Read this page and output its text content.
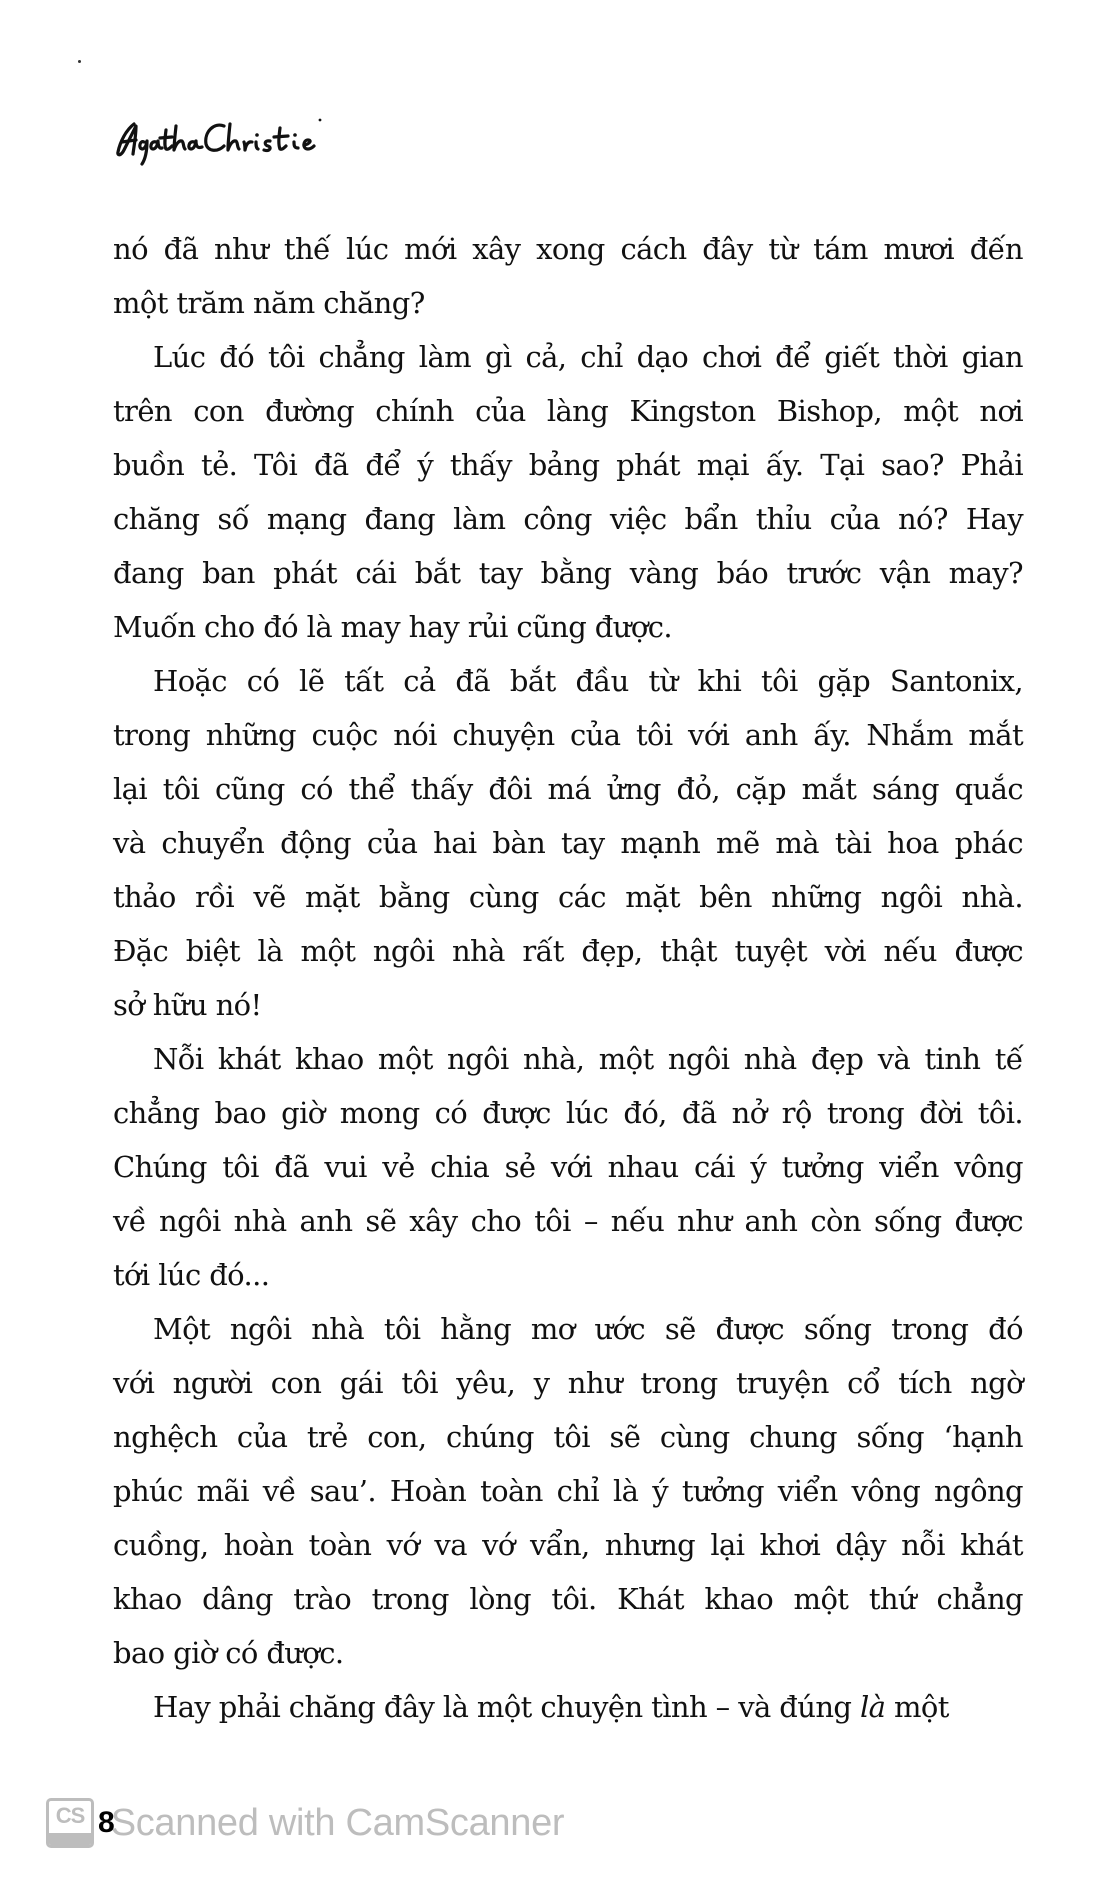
nó đã như thế lúc mới xây xong cách đây từ tám mươi đến
một trăm năm chăng?
Lúc đó tôi chẳng làm gì cả, chỉ dạo chơi để giết thời gian
trên con đường chính của làng Kingston Bishop, một nơi
buồn tẻ. Tôi đã để ý thấy bảng phát mại ấy. Tại sao? Phải
chăng số mạng đang làm công việc bẩn thỉu của nó? Hay
đang ban phát cái bắt tay bằng vàng báo trước vận may?
Muốn cho đó là may hay rủi cũng được.
Hoặc có lẽ tất cả đã bắt đầu từ khi tôi gặp Santonix,
trong những cuộc nói chuyện của tôi với anh ấy. Nhắm mắt
lại tôi cũng có thể thấy đôi má ửng đỏ, cặp mắt sáng quắc
và chuyển động của hai bàn tay mạnh mẽ mà tài hoa phác
thảo rồi vẽ mặt bằng cùng các mặt bên những ngôi nhà.
Đặc biệt là một ngôi nhà rất đẹp, thật tuyệt vời nếu được
sở hữu nó!
Nỗi khát khao một ngôi nhà, một ngôi nhà đẹp và tinh tế
chẳng bao giờ mong có được lúc đó, đã nở rộ trong đời tôi.
Chúng tôi đã vui vẻ chia sẻ với nhau cái ý tưởng viển vông
về ngôi nhà anh sẽ xây cho tôi – nếu như anh còn sống được
tới lúc đó...
Một ngôi nhà tôi hằng mơ ước sẽ được sống trong đó
với người con gái tôi yêu, y như trong truyện cổ tích ngờ
nghệch của trẻ con, chúng tôi sẽ cùng chung sống ‘hạnh
phúc mãi về sau’. Hoàn toàn chỉ là ý tưởng viển vông ngông
cuồng, hoàn toàn vớ va vớ vẩn, nhưng lại khơi dậy nỗi khát
khao dâng trào trong lòng tôi. Khát khao một thứ chẳng
bao giờ có được.
Hay phải chăng đây là một chuyện tình – và đúng là một
CS 8
Scanned with CamScanner
